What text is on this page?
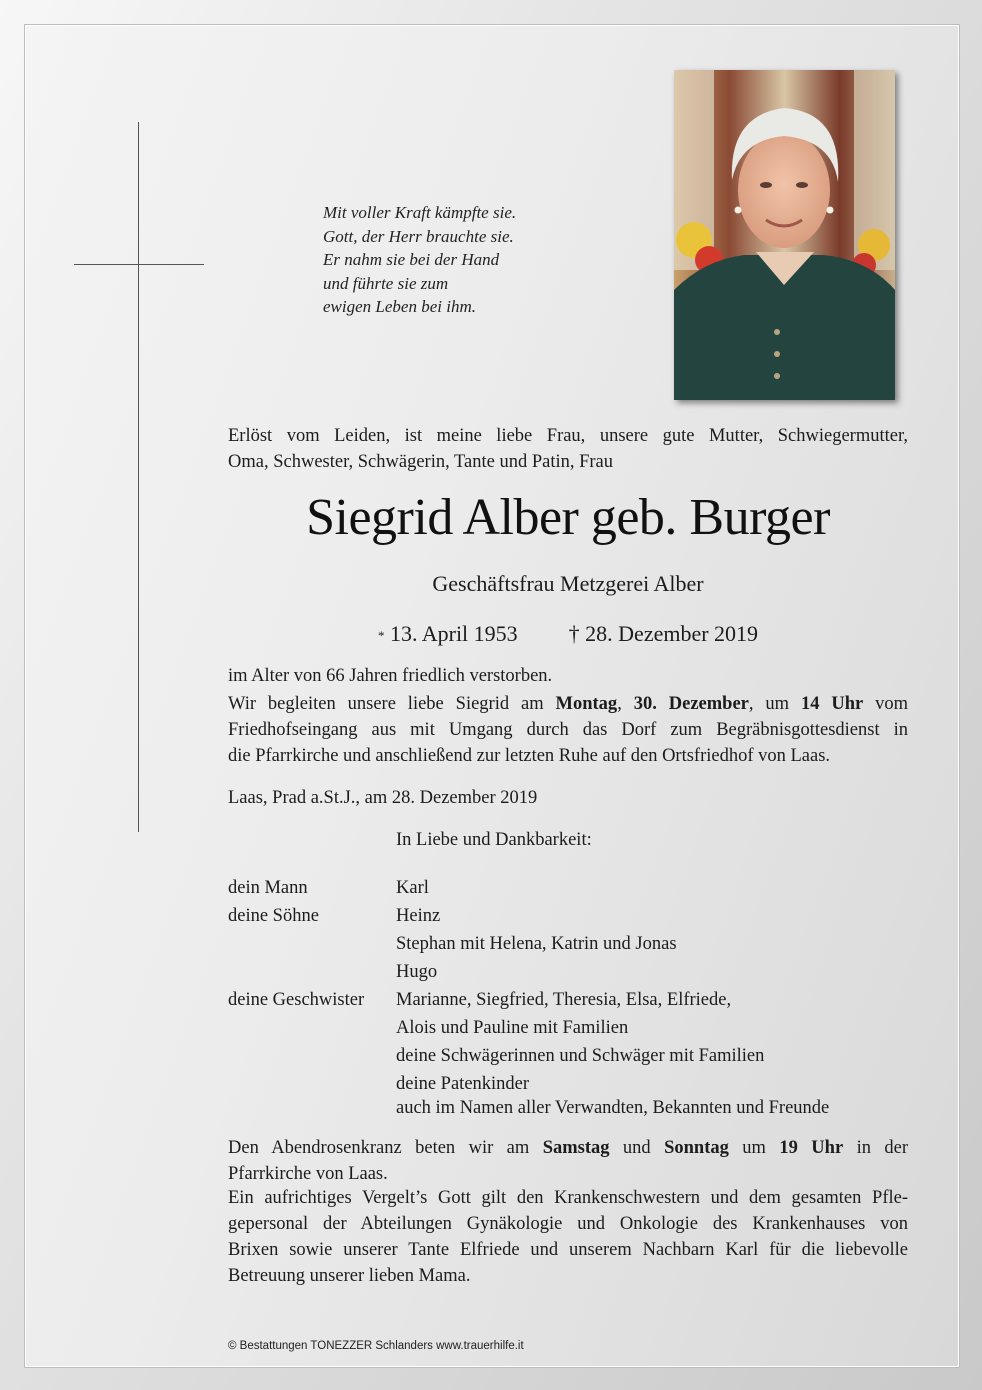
Mit voller Kraft kämpfte sie.
Gott, der Herr brauchte sie.
Er nahm sie bei der Hand
und führte sie zum
ewigen Leben bei ihm.
Erlöst vom Leiden, ist meine liebe Frau, unsere gute Mutter, Schwiegermutter,
Oma, Schwester, Schwägerin, Tante und Patin, Frau
Siegrid Alber geb. Burger
Geschäftsfrau Metzgerei Alber
* 13. April 1953 † 28. Dezember 2019
im Alter von 66 Jahren friedlich verstorben.
Wir begleiten unsere liebe Siegrid am Montag, 30. Dezember, um 14 Uhr vom
Friedhofseingang aus mit Umgang durch das Dorf zum Begräbnisgottesdienst in
die Pfarrkirche und anschließend zur letzten Ruhe auf den Ortsfriedhof von Laas.
Laas, Prad a.St.J., am 28. Dezember 2019
In Liebe und Dankbarkeit:
dein Mann	Karl
deine Söhne	Heinz
Stephan mit Helena, Katrin und Jonas
Hugo
deine Geschwister Marianne, Siegfried, Theresia, Elsa, Elfriede,
Alois und Pauline mit Familien
deine Schwägerinnen und Schwäger mit Familien
deine Patenkinder
auch im Namen aller Verwandten, Bekannten und Freunde
Den Abendrosenkranz beten wir am Samstag und Sonntag um 19 Uhr in der
Pfarrkirche von Laas.
Ein aufrichtiges Vergelt’s Gott gilt den Krankenschwestern und dem gesamten Pfle-
gepersonal der Abteilungen Gynäkologie und Onkologie des Krankenhauses von
Brixen sowie unserer Tante Elfriede und unserem Nachbarn Karl für die liebevolle
Betreuung unserer lieben Mama.
© Bestattungen TONEZZER Schlanders www.trauerhilfe.it
